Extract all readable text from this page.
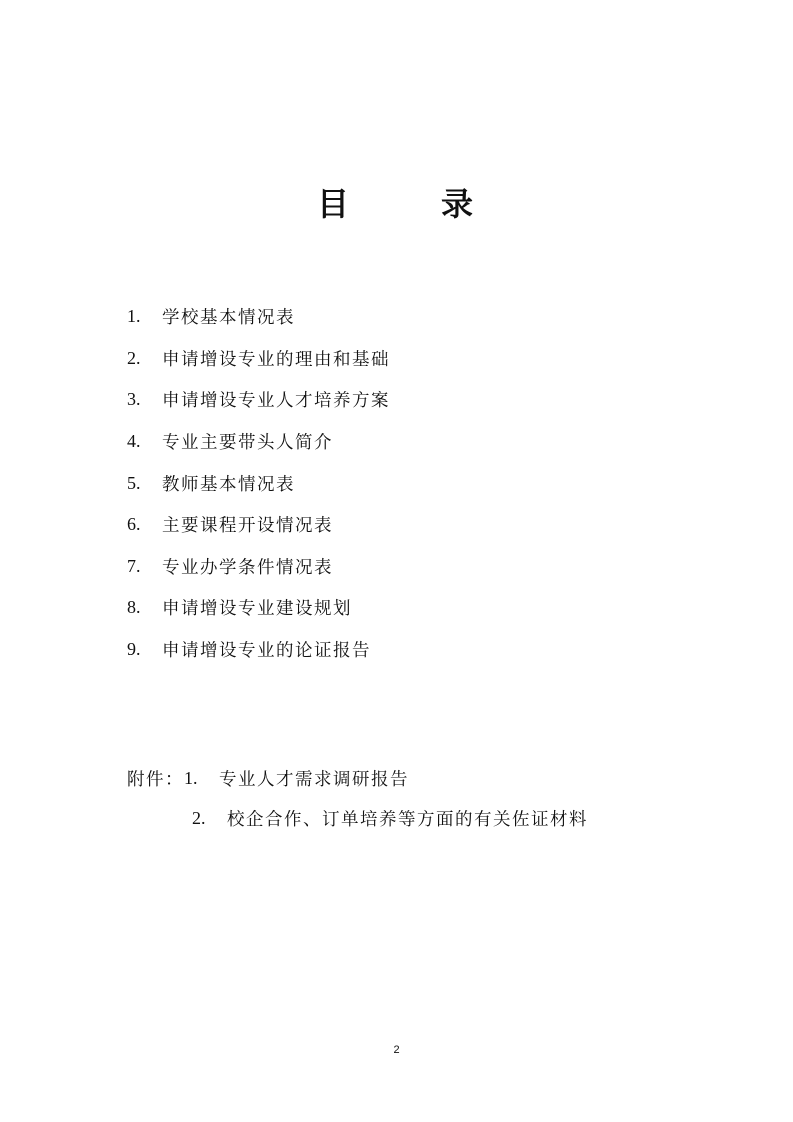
目	录
1.	学校基本情况表
2.	申请增设专业的理由和基础
3.	申请增设专业人才培养方案
4.	专业主要带头人简介
5.	教师基本情况表
6.	主要课程开设情况表
7.	专业办学条件情况表
8.	申请增设专业建设规划
9.	申请增设专业的论证报告
附件： 1.	专业人才需求调研报告
2.	校企合作、订单培养等方面的有关佐证材料
2
